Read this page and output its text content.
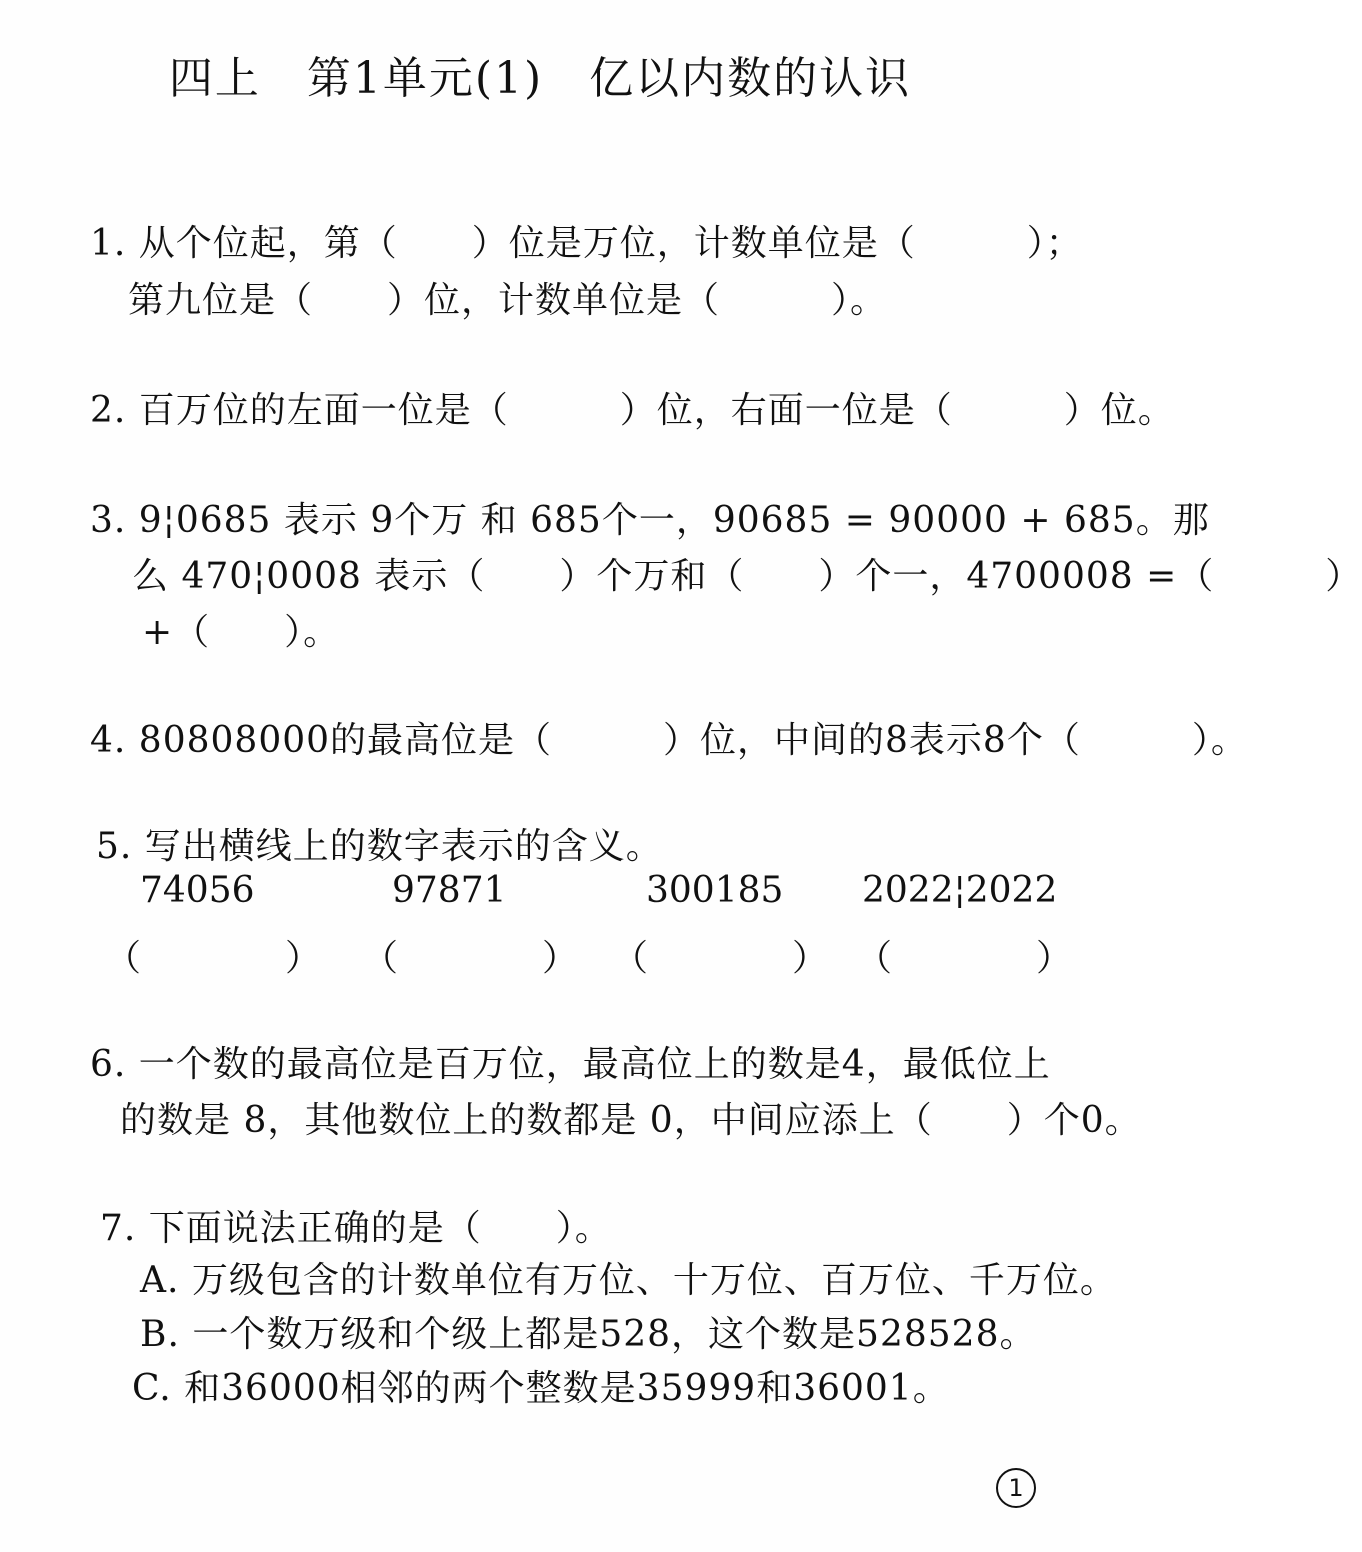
四上　第1单元(1)　亿以内数的认识
1. 从个位起，第（　　）位是万位，计数单位是（　　　）；
第九位是（　　）位，计数单位是（　　　）。
2. 百万位的左面一位是（　　　）位，右面一位是（　　　）位。
3. 9¦0685 表示 9个万 和 685个一，90685 = 90000 + 685。那
么 470¦0008 表示（　　）个万和（　　）个一，4700008 =（　　　）
+（　　）。
4. 80808000的最高位是（　　　）位，中间的8表示8个（　　　）。
5. 写出横线上的数字表示的含义。
74056	97871	300185 2022¦2022
（　　　　） （　　　　） （　　　　） （　　　　）
6. 一个数的最高位是百万位，最高位上的数是4，最低位上
的数是 8，其他数位上的数都是 0，中间应添上（　　）个0。
7. 下面说法正确的是（　　）。
A. 万级包含的计数单位有万位、十万位、百万位、千万位。
B. 一个数万级和个级上都是528，这个数是528528。
C. 和36000相邻的两个整数是35999和36001。
1
